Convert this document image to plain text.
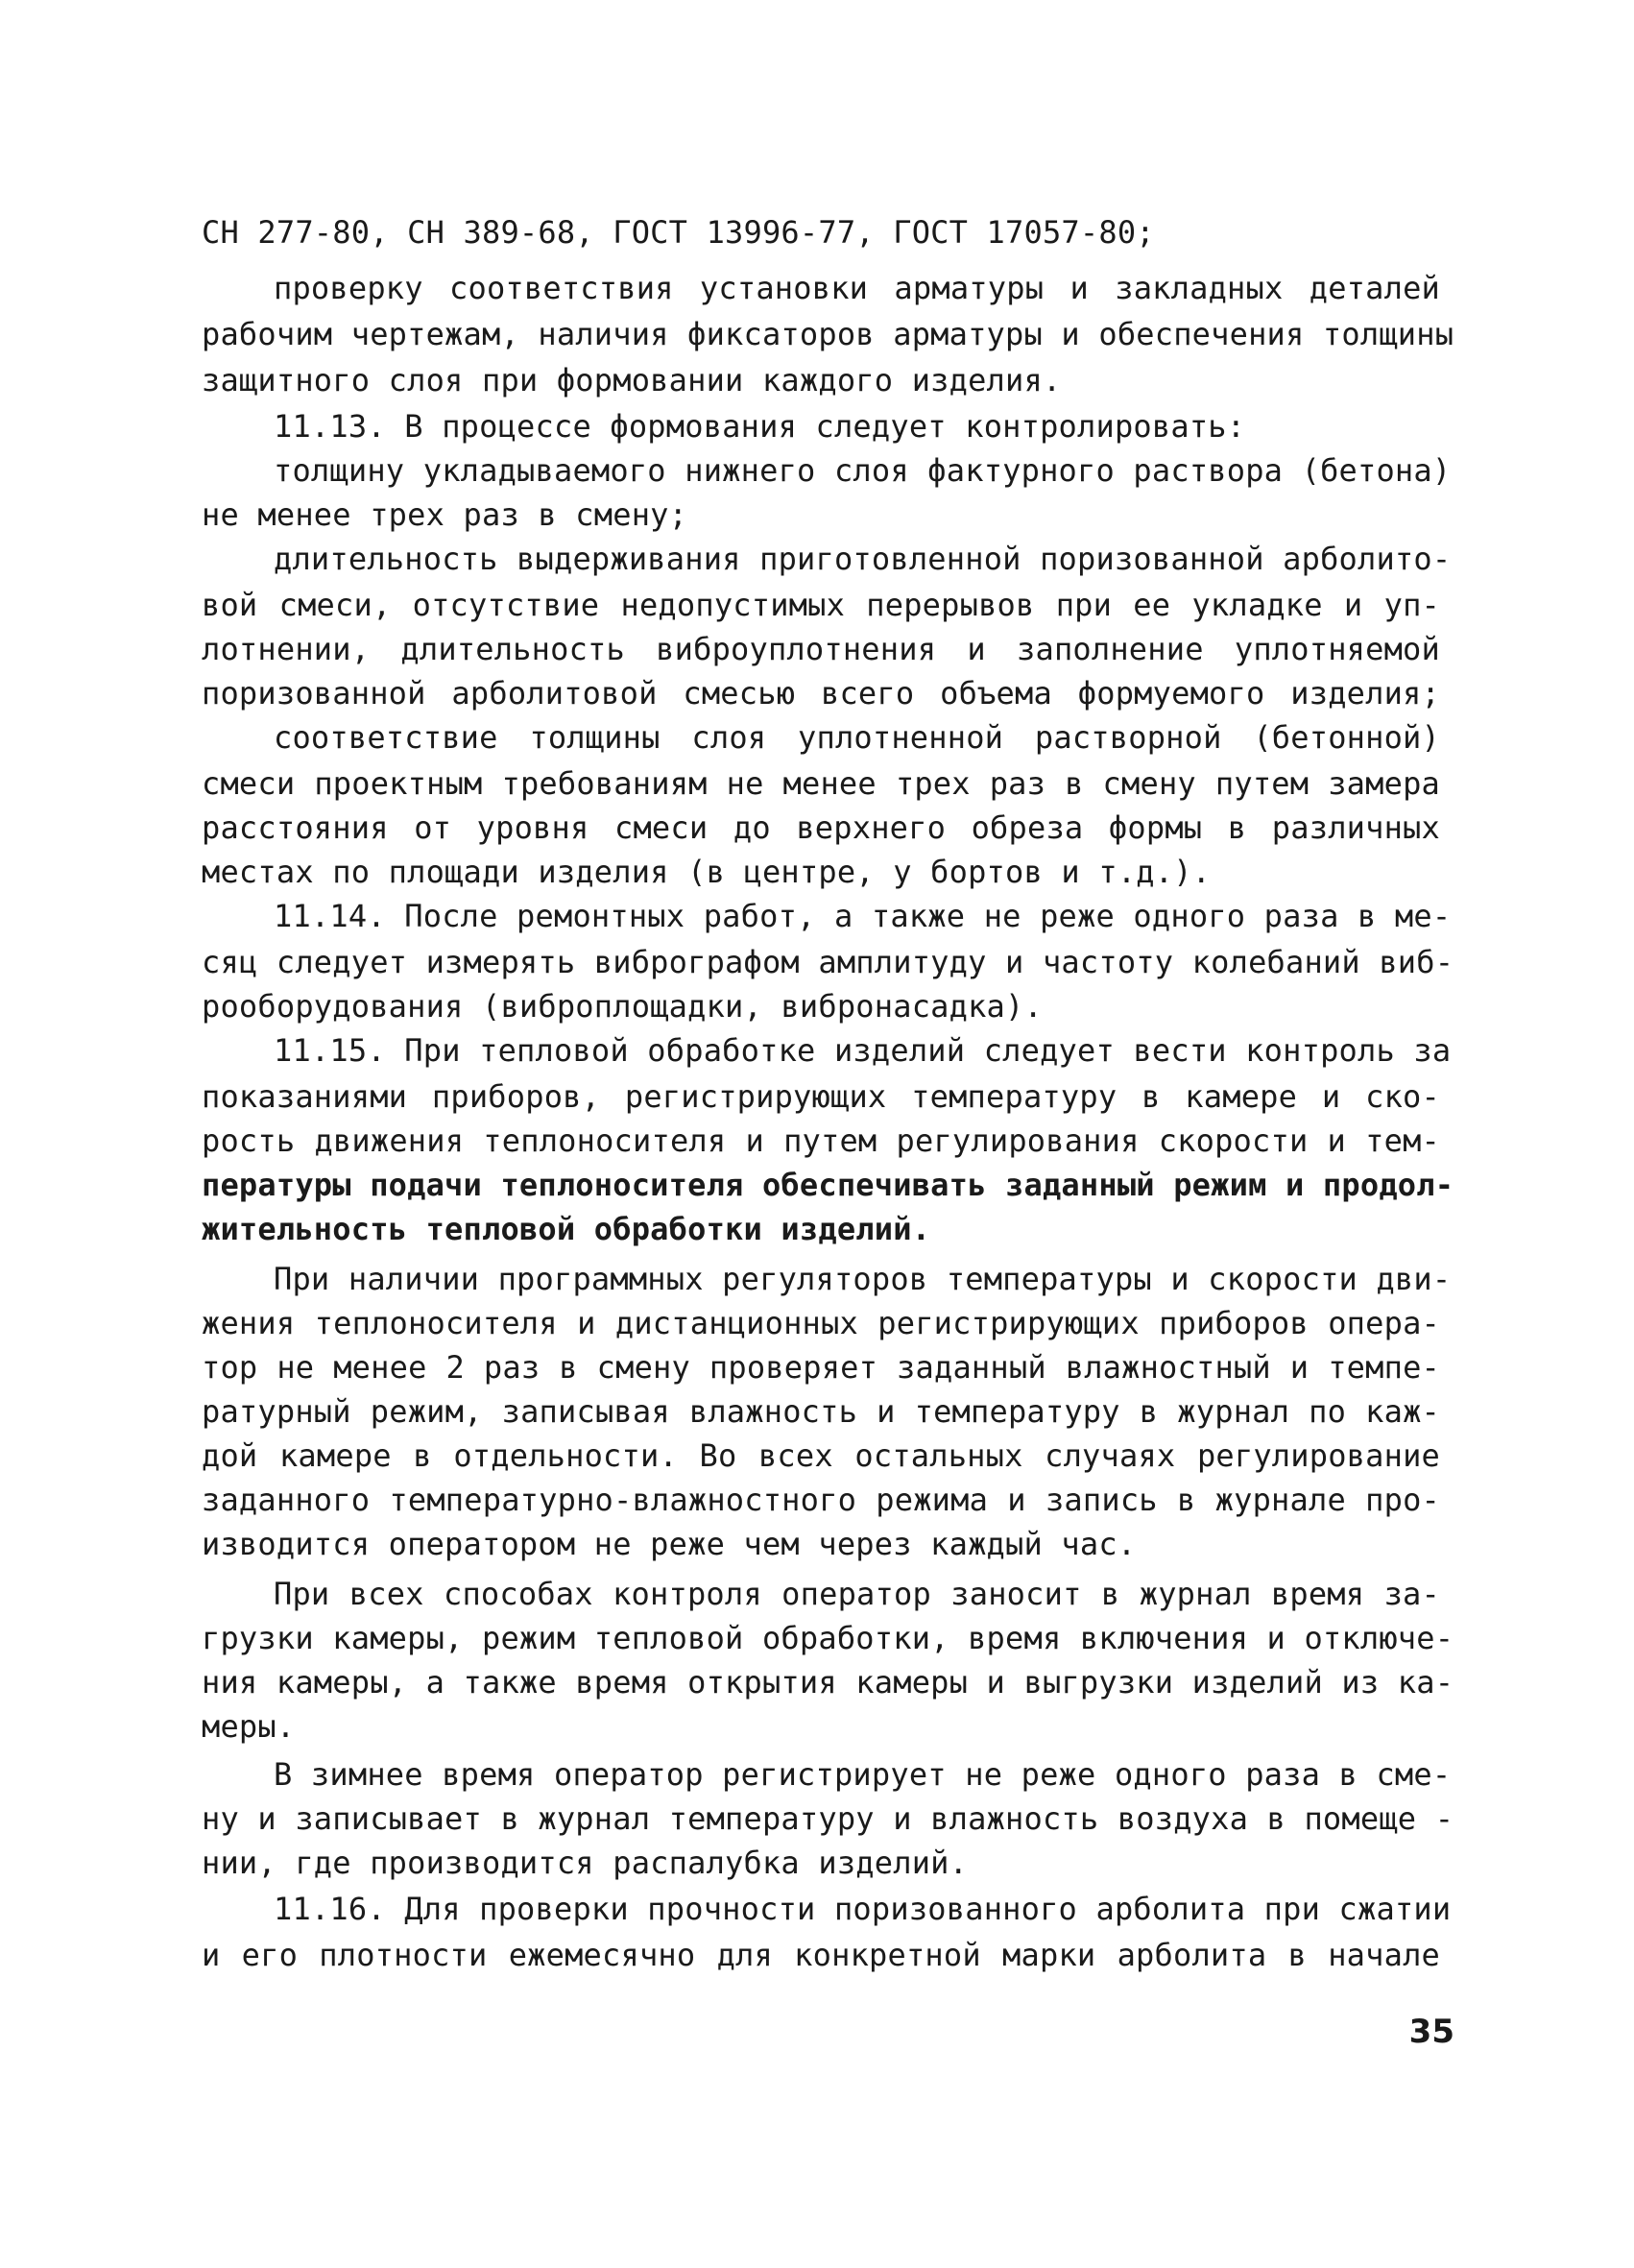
СН 277-80, СН 389-68, ГОСТ 13996-77, ГОСТ 17057-80;
проверку соответствия установки арматуры и закладных деталей
рабочим чертежам, наличия фиксаторов арматуры и обеспечения толщины
защитного слоя при формовании каждого изделия.
11.13. В процессе формования следует контролировать:
толщину укладываемого нижнего слоя фактурного раствора (бетона)
не менее трех раз в смену;
длительность выдерживания приготовленной поризованной арболито-
вой смеси, отсутствие недопустимых перерывов при ее укладке и уп-
лотнении, длительность виброуплотнения и заполнение уплотняемой
поризованной арболитовой смесью всего объема формуемого изделия;
соответствие толщины слоя уплотненной растворной (бетонной)
смеси проектным требованиям не менее трех раз в смену путем замера
расстояния от уровня смеси до верхнего обреза формы в различных
местах по площади изделия (в центре, у бортов и т.д.).
11.14. После ремонтных работ, а также не реже одного раза в ме-
сяц следует измерять вибрографом амплитуду и частоту колебаний виб-
рооборудования (виброплощадки, вибронасадка).
11.15. При тепловой обработке изделий следует вести контроль за
показаниями приборов, регистрирующих температуру в камере и ско-
рость движения теплоносителя и путем регулирования скорости и тем-
пературы подачи теплоносителя обеспечивать заданный режим и продол-
жительность тепловой обработки изделий.
При наличии программных регуляторов температуры и скорости дви-
жения теплоносителя и дистанционных регистрирующих приборов опера-
тор не менее 2 раз в смену проверяет заданный влажностный и темпе-
ратурный режим, записывая влажность и температуру в журнал по каж-
дой камере в отдельности. Во всех остальных случаях регулирование
заданного температурно-влажностного режима и запись в журнале про-
изводится оператором не реже чем через каждый час.
При всех способах контроля оператор заносит в журнал время за-
грузки камеры, режим тепловой обработки, время включения и отключе-
ния камеры, а также время открытия камеры и выгрузки изделий из ка-
меры.
В зимнее время оператор регистрирует не реже одного раза в сме-
ну и записывает в журнал температуру и влажность воздуха в помеще -
нии, где производится распалубка изделий.
11.16. Для проверки прочности поризованного арболита при сжатии
и его плотности ежемесячно для конкретной марки арболита в начале
35
